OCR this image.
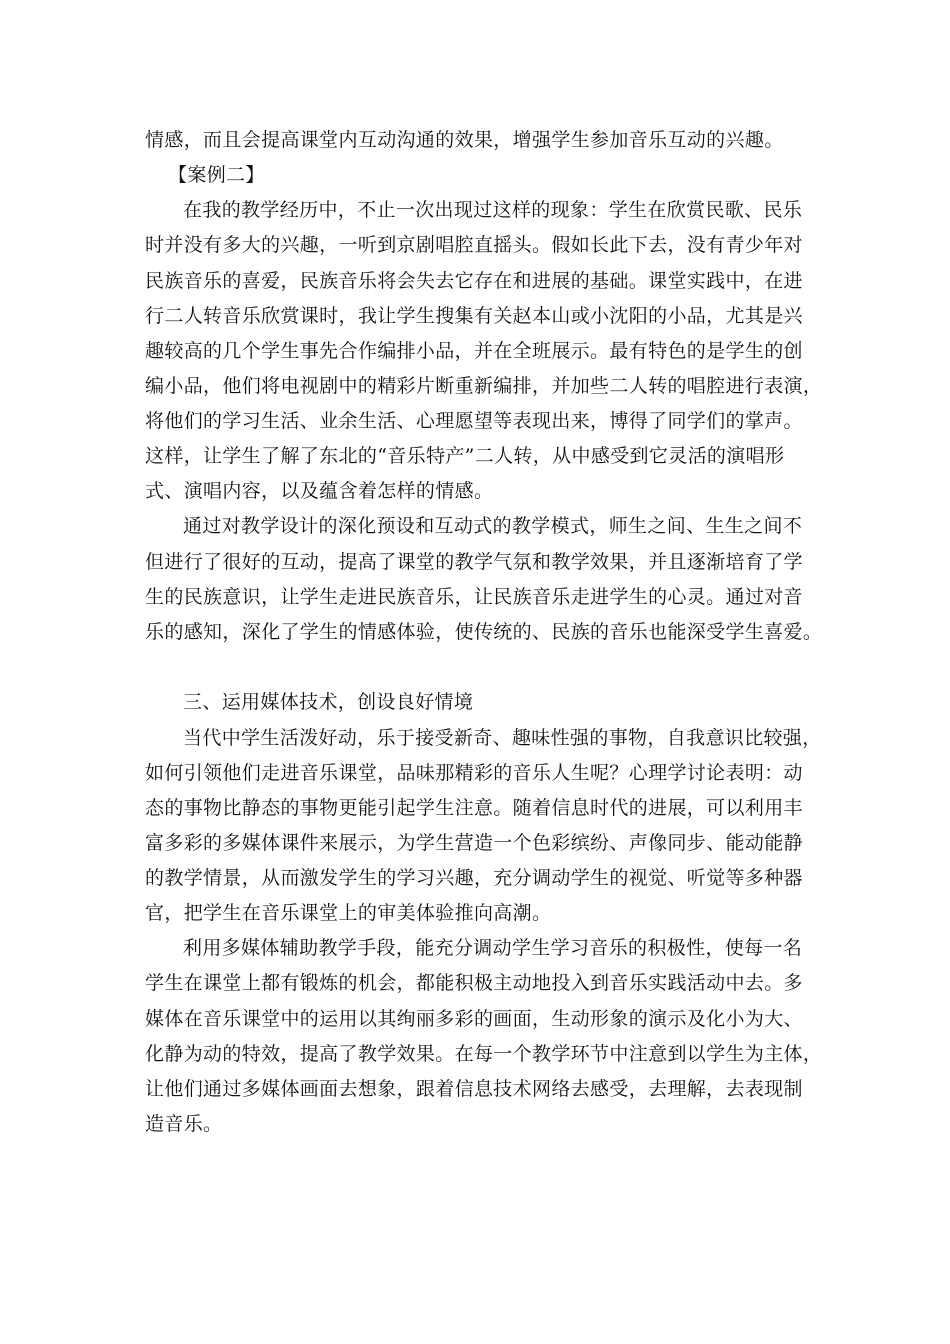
情感，而且会提高课堂内互动沟通的效果，增强学生参加音乐互动的兴趣。
【案例二】
在我的教学经历中，不止一次出现过这样的现象：学生在欣赏民歌、民乐
时并没有多大的兴趣，一听到京剧唱腔直摇头。假如长此下去，没有青少年对
民族音乐的喜爱，民族音乐将会失去它存在和进展的基础。课堂实践中，在进
行二人转音乐欣赏课时，我让学生搜集有关赵本山或小沈阳的小品，尤其是兴
趣较高的几个学生事先合作编排小品，并在全班展示。最有特色的是学生的创
编小品，他们将电视剧中的精彩片断重新编排，并加些二人转的唱腔进行表演，
将他们的学习生活、业余生活、心理愿望等表现出来，博得了同学们的掌声。
这样，让学生了解了东北的“音乐特产”二人转，从中感受到它灵活的演唱形
式、演唱内容，以及蕴含着怎样的情感。
通过对教学设计的深化预设和互动式的教学模式，师生之间、生生之间不
但进行了很好的互动，提高了课堂的教学气氛和教学效果，并且逐渐培育了学
生的民族意识，让学生走进民族音乐，让民族音乐走进学生的心灵。通过对音
乐的感知，深化了学生的情感体验，使传统的、民族的音乐也能深受学生喜爱。
三、运用媒体技术，创设良好情境
当代中学生活泼好动，乐于接受新奇、趣味性强的事物，自我意识比较强，
如何引领他们走进音乐课堂，品味那精彩的音乐人生呢？心理学讨论表明：动
态的事物比静态的事物更能引起学生注意。随着信息时代的进展，可以利用丰
富多彩的多媒体课件来展示，为学生营造一个色彩缤纷、声像同步、能动能静
的教学情景，从而激发学生的学习兴趣，充分调动学生的视觉、听觉等多种器
官，把学生在音乐课堂上的审美体验推向高潮。
利用多媒体辅助教学手段，能充分调动学生学习音乐的积极性，使每一名
学生在课堂上都有锻炼的机会，都能积极主动地投入到音乐实践活动中去。多
媒体在音乐课堂中的运用以其绚丽多彩的画面，生动形象的演示及化小为大、
化静为动的特效，提高了教学效果。在每一个教学环节中注意到以学生为主体，
让他们通过多媒体画面去想象，跟着信息技术网络去感受，去理解，去表现制
造音乐。
